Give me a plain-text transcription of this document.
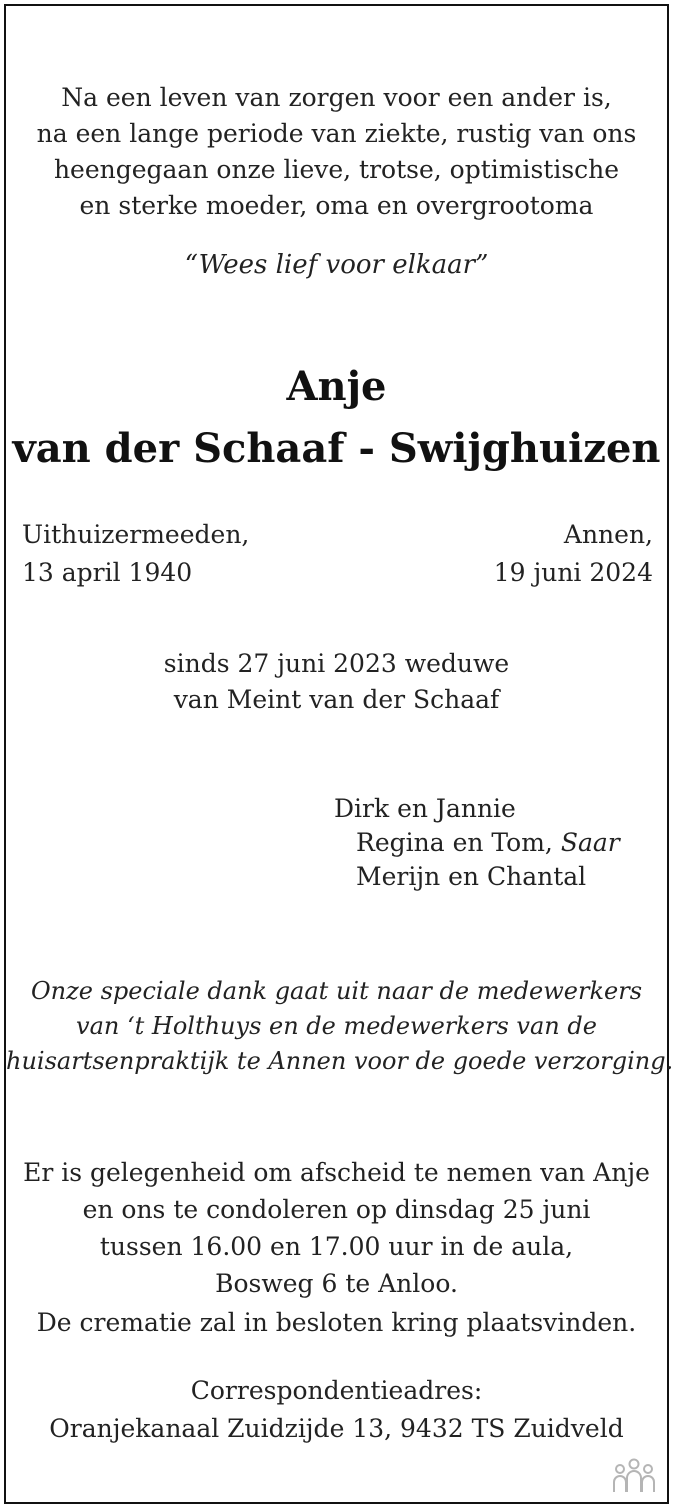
Na een leven van zorgen voor een ander is,

na een lange periode van ziekte, rustig van ons

heengegaan onze lieve, trotse, optimistische

en sterke moeder, oma en overgrootoma

“Wees lief voor elkaar”

Anje

van der Schaaf - Swijghuizen

Uithuizermeeden,

13 april 1940

Annen,

19 juni 2024

sinds 27 juni 2023 weduwe

van Meint van der Schaaf

Dirk en Jannie

Regina en Tom, Saar

Merijn en Chantal

Onze speciale dank gaat uit naar de medewerkers

van ‘t Holthuys en de medewerkers van de

huisartsenpraktijk te Annen voor de goede verzorging.

Er is gelegenheid om afscheid te nemen van Anje

en ons te condoleren op dinsdag 25 juni

tussen 16.00 en 17.00 uur in de aula,

Bosweg 6 te Anloo.

De crematie zal in besloten kring plaatsvinden.

Correspondentieadres:

Oranjekanaal Zuidzijde 13, 9432 TS Zuidveld
